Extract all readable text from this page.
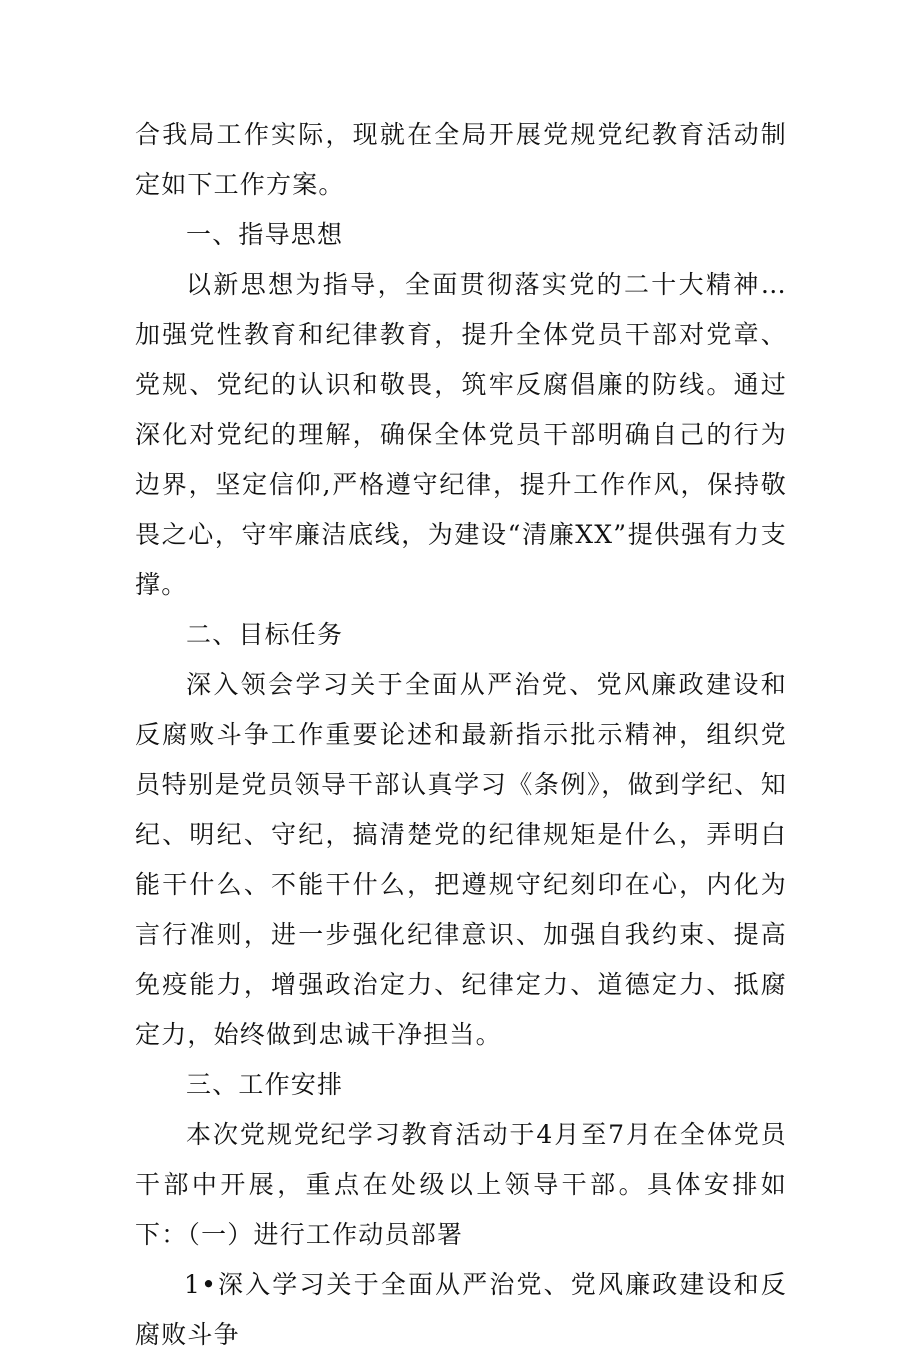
合我局工作实际，现就在全局开展党规党纪教育活动制定如下工作方案。

一、指导思想

以新思想为指导，全面贯彻落实党的二十大精神…加强党性教育和纪律教育，提升全体党员干部对党章、党规、党纪的认识和敬畏，筑牢反腐倡廉的防线。通过深化对党纪的理解，确保全体党员干部明确自己的行为边界，坚定信仰,严格遵守纪律，提升工作作风，保持敬畏之心，守牢廉洁底线，为建设“清廉XX”提供强有力支撑。

二、目标任务

深入领会学习关于全面从严治党、党风廉政建设和反腐败斗争工作重要论述和最新指示批示精神，组织党员特别是党员领导干部认真学习《条例》，做到学纪、知纪、明纪、守纪，搞清楚党的纪律规矩是什么，弄明白能干什么、不能干什么，把遵规守纪刻印在心，内化为言行准则，进一步强化纪律意识、加强自我约束、提高免疫能力，增强政治定力、纪律定力、道德定力、抵腐定力，始终做到忠诚干净担当。

三、工作安排

本次党规党纪学习教育活动于4月至7月在全体党员干部中开展，重点在处级以上领导干部。具体安排如下：（一）进行工作动员部署

1•深入学习关于全面从严治党、党风廉政建设和反腐败斗争
